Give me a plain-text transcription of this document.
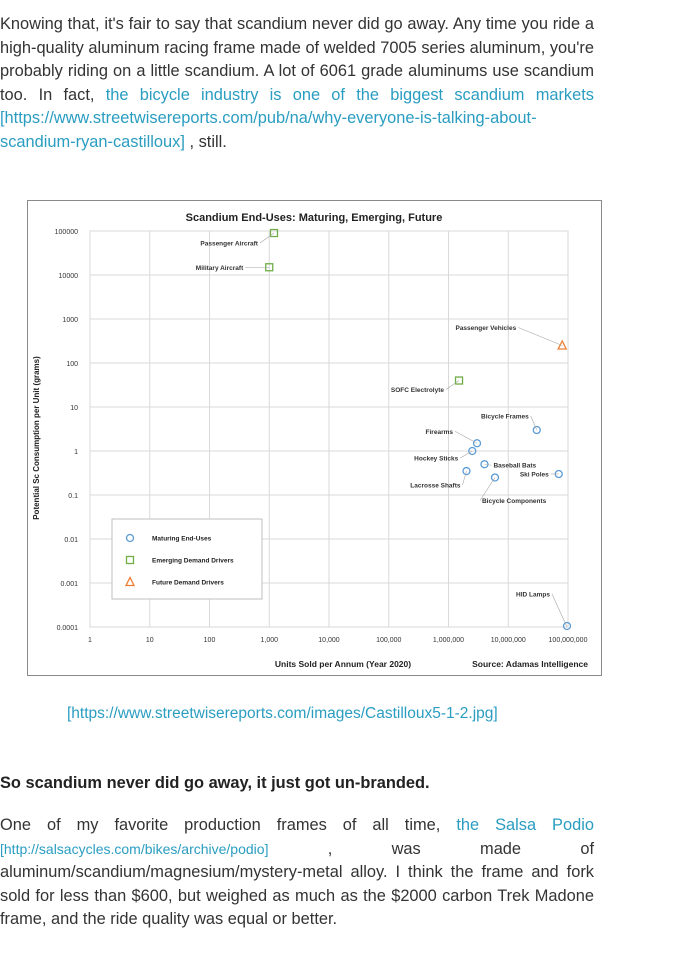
Knowing that, it's fair to say that scandium never did go away. Any time you ride a high-quality aluminum racing frame made of welded 7005 series aluminum, you're probably riding on a little scandium. A lot of 6061 grade aluminums use scandium too. In fact, the bicycle industry is one of the biggest scandium markets [https://www.streetwisereports.com/pub/na/why-everyone-is-talking-about-scandium-ryan-castilloux] , still.

Scandium End-Uses: Maturing, Emerging, Future
100000
10000
1000
100
10
1
0.1
0.01
0.001
0.0001
1	10	100	1,000	10,000	100,000	1,000,000	10,000,000	100,000,000
Potential Sc Consumption per Unit (grams)
Units Sold per Annum (Year 2020)	Source: Adamas Intelligence
Bicycle Frames
Firearms
Hockey Sticks
Baseball Bats
Lacrosse Shafts
Bicycle Components
Ski Poles
HID Lamps
Passenger Aircraft
Military Aircraft
SOFC Electrolyte
Passenger Vehicles
Maturing End-Uses
Emerging Demand Drivers
Future Demand Drivers
[https://www.streetwisereports.com/images/Castilloux5-1-2.jpg]

So scandium never did go away, it just got un-branded.

One of my favorite production frames of all time, the Salsa Podio [http://salsacycles.com/bikes/archive/podio] , was made of aluminum/scandium/magnesium/mystery-metal alloy. I think the frame and fork sold for less than $600, but weighed as much as the $2000 carbon Trek Madone frame, and the ride quality was equal or better.
